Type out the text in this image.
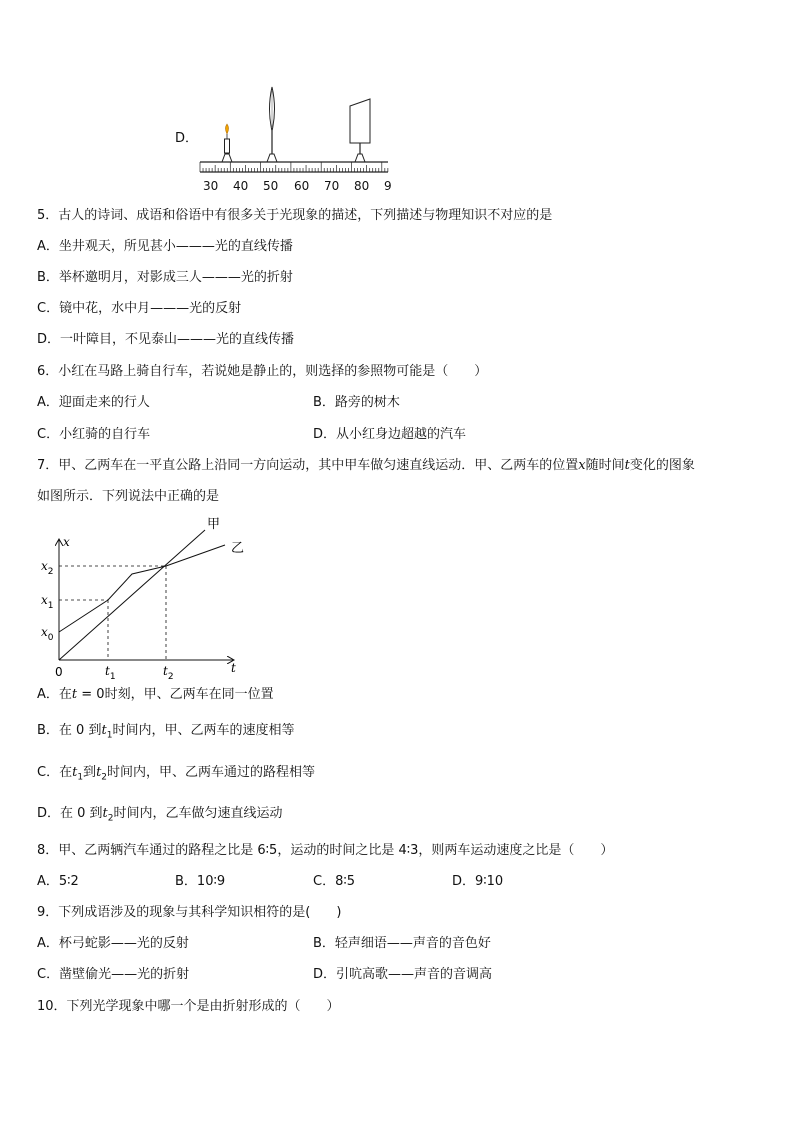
D．
30 40 50 60 70 80 9
5．古人的诗词、成语和俗语中有很多关于光现象的描述，下列描述与物理知识不对应的是
A．坐井观天，所见甚小———光的直线传播
B．举杯邀明月，对影成三人———光的折射
C．镜中花，水中月———光的反射
D．一叶障目，不见泰山———光的直线传播
6．小红在马路上骑自行车，若说她是静止的，则选择的参照物可能是（　　）
A．迎面走来的行人	B．路旁的树木
C．小红骑的自行车	D．从小红身边超越的汽车
7．甲、乙两车在一平直公路上沿同一方向运动，其中甲车做匀速直线运动．甲、乙两车的位置x随时间t变化的图象
如图所示．下列说法中正确的是
甲
乙
x
t
0
$x_2$
$x_1$
$x_0$
$t_1$	$t_2$
A．在t = 0时刻，甲、乙两车在同一位置
B．在 0 到$t_1$时间内，甲、乙两车的速度相等
C．在$t_1$到$t_2$时间内，甲、乙两车通过的路程相等
D．在 0 到$t_2$时间内，乙车做匀速直线运动
8．甲、乙两辆汽车通过的路程之比是 6∶5，运动的时间之比是 4∶3，则两车运动速度之比是（　　）
A．5∶2	B．10∶9	C．8∶5	D．9∶10
9．下列成语涉及的现象与其科学知识相符的是(　　)
A．杯弓蛇影——光的反射	B．轻声细语——声音的音色好
C．凿壁偷光——光的折射	D．引吭高歌——声音的音调高
10．下列光学现象中哪一个是由折射形成的（　　）
